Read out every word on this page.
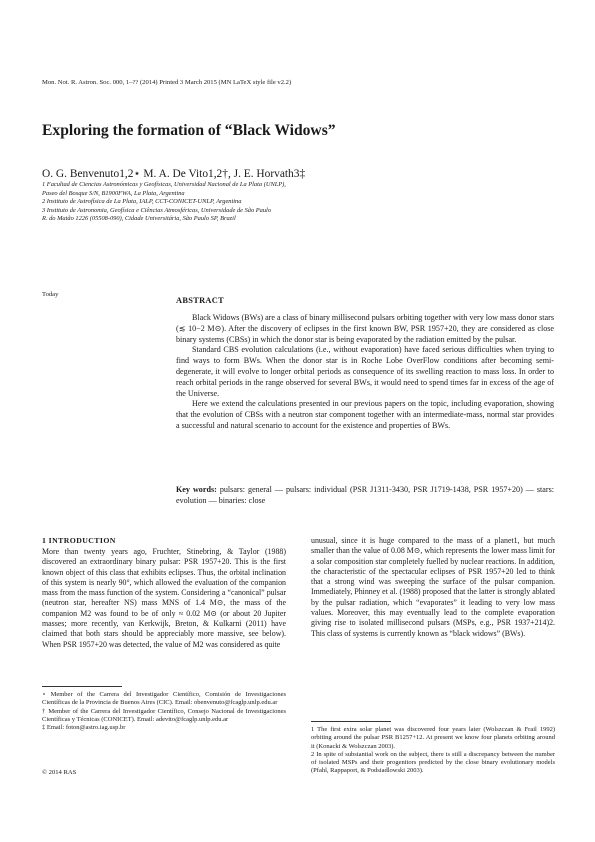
Mon. Not. R. Astron. Soc. 000, 1–?? (2014) Printed 3 March 2015 (MN LaTeX style file v2.2)
Exploring the formation of “Black Widows”
O. G. Benvenuto1,2⋆ M. A. De Vito1,2†, J. E. Horvath3‡
1 Facultad de Ciencias Astronómicas y Geofísicas, Universidad Nacional de La Plata (UNLP),
Paseo del Bosque S/N, B1900FWA, La Plata, Argentina
2 Instituto de Astrofísica de La Plata, IALP, CCT-CONICET-UNLP, Argentina
3 Instituto de Astronomia, Geofísica e Ciências Atmosféricas, Universidade de São Paulo
R. do Matão 1226 (05508-090), Cidade Universitária, São Paulo SP, Brazil
Today
ABSTRACT

Black Widows (BWs) are a class of binary millisecond pulsars orbiting together with very low mass donor stars (≲ 10−2 M⊙). After the discovery of eclipses in the first known BW, PSR 1957+20, they are considered as close binary systems (CBSs) in which the donor star is being evaporated by the radiation emitted by the pulsar.

Standard CBS evolution calculations (i.e., without evaporation) have faced serious difficulties when trying to find ways to form BWs. When the donor star is in Roche Lobe OverFlow conditions after becoming semi-degenerate, it will evolve to longer orbital periods as consequence of its swelling reaction to mass loss. In order to reach orbital periods in the range observed for several BWs, it would need to spend times far in excess of the age of the Universe.

Here we extend the calculations presented in our previous papers on the topic, including evaporation, showing that the evolution of CBSs with a neutron star component together with an intermediate-mass, normal star provides a successful and natural scenario to account for the existence and properties of BWs.

Key words: pulsars: general — pulsars: individual (PSR J1311-3430, PSR J1719-1438, PSR 1957+20) — stars: evolution — binaries: close

More than twenty years ago, Fruchter, Stinebring, & Taylor (1988) discovered an extraordinary binary pulsar: PSR 1957+20. This is the first known object of this class that exhibits eclipses. Thus, the orbital inclination of this system is nearly 90°, which allowed the evaluation of the companion mass from the mass function of the system. Considering a “canonical” pulsar (neutron star, hereafter NS) mass MNS of 1.4 M⊙, the mass of the companion M2 was found to be of only ≈ 0.02 M⊙ (or about 20 Jupiter masses; more recently, van Kerkwijk, Breton, & Kulkarni (2011) have claimed that both stars should be appreciably more massive, see below). When PSR 1957+20 was detected, the value of M2 was considered as quite

1 INTRODUCTION	unusual, since it is huge compared to the mass of a planet1, but much smaller than the value of 0.08 M⊙, which represents the lower mass limit for a solar composition star completely fuelled by nuclear reactions. In addition, the characteristic of the spectacular eclipses of PSR 1957+20 led to think that a strong wind was sweeping the surface of the pulsar companion. Immediately, Phinney et al. (1988) proposed that the latter is strongly ablated by the pulsar radiation, which “evaporates” it leading to very low mass values. Moreover, this may eventually lead to the complete evaporation giving rise to isolated millisecond pulsars (MSPs, e.g., PSR 1937+214)2. This class of systems is currently known as “black widows” (BWs).

⋆ Member of the Carrera del Investigador Científico, Comisión de Investigaciones Científicas de la Provincia de Buenos Aires (CIC). Email: obenvenuto@fcaglp.unlp.edu.ar

† Member of the Carrera del Investigador Científico, Consejo Nacional de Investigaciones Científicas y Técnicas (CONICET). Email: adevito@fcaglp.unlp.edu.ar

‡ Email: foton@astro.iag.usp.br	1 The first extra solar planet was discovered four years later (Wolszczan & Frail 1992) orbiting around the pulsar PSR B1257+12. At present we know four planets orbiting around it (Konacki & Wolszczan 2003).

2 In spite of substantial work on the subject, there is still a discrepancy between the number of isolated MSPs and their progenitors predicted by the close binary evolutionary models (Pfahl, Rappaport, & Podsiadlowski 2003).

© 2014 RAS
